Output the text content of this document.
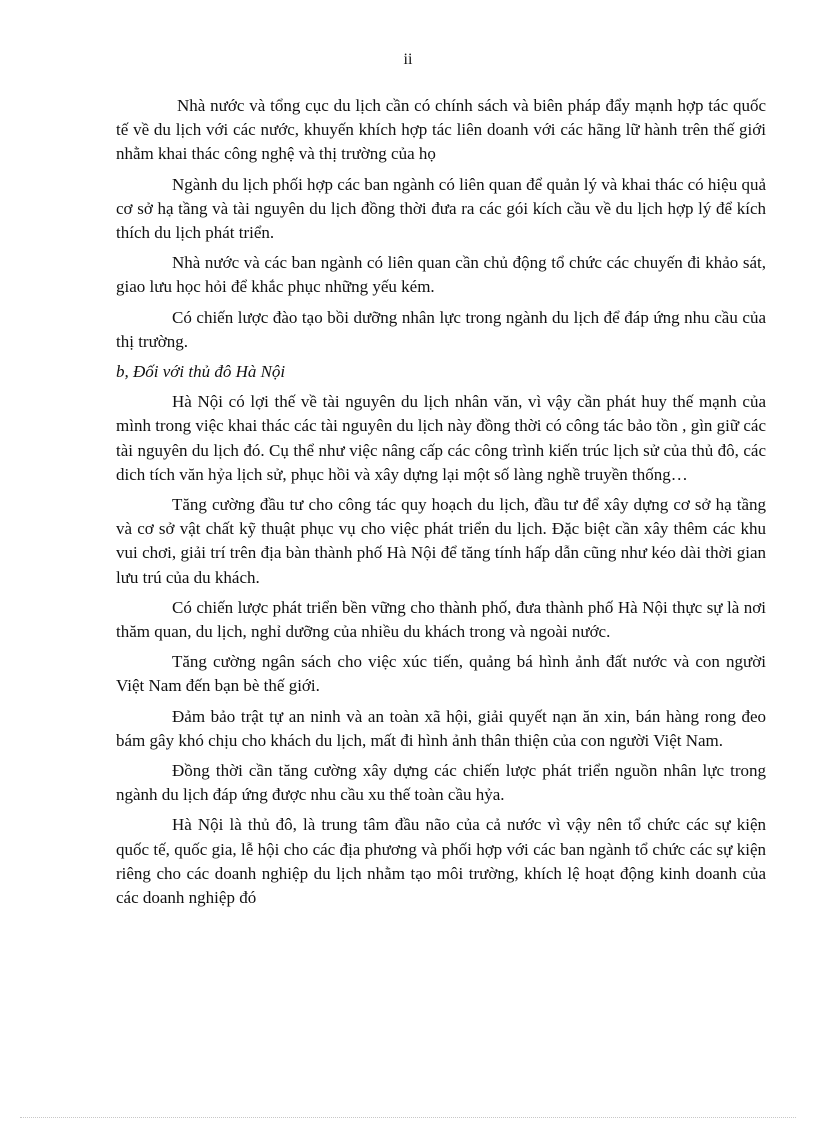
ii

Nhà nước và tổng cục du lịch cần có chính sách và biên pháp đẩy mạnh hợp tác quốc tế về du lịch với các nước, khuyến khích hợp tác liên doanh với các hãng lữ hành trên thế giới nhằm khai thác công nghệ và thị trường của họ

Ngành du lịch phối hợp các ban ngành có liên quan để quản lý và khai thác có hiệu quả cơ sở hạ tầng và tài nguyên du lịch đồng thời đưa ra các gói kích cầu về du lịch hợp lý để kích thích du lịch phát triển.

Nhà nước và các ban ngành có liên quan cần chủ động tổ chức các chuyến đi khảo sát, giao lưu học hỏi để khắc phục những yếu kém.

Có chiến lược đào tạo bồi dưỡng nhân lực trong ngành du lịch để đáp ứng nhu cầu của thị trường.

b, Đối với thủ đô Hà Nội

Hà Nội có lợi thế về tài nguyên du lịch nhân văn, vì vậy cần phát huy thế mạnh của mình trong việc khai thác các tài nguyên du lịch này đồng thời có công tác bảo tồn , gìn giữ các tài nguyên du lịch đó. Cụ thể như việc nâng cấp các công trình kiến trúc lịch sử của thủ đô, các dich tích văn hỷa lịch sử, phục hồi và xây dựng lại một số làng nghề truyền thống…

Tăng cường đầu tư cho công tác quy hoạch du lịch, đầu tư để xây dựng cơ sở hạ tầng và cơ sở vật chất kỹ thuật phục vụ cho việc phát triển du lịch. Đặc biệt cần xây thêm các khu vui chơi, giải trí trên địa bàn thành phố Hà Nội để tăng tính hấp dẫn cũng như kéo dài thời gian lưu trú của du khách.

Có chiến lược phát triển bền vững cho thành phố, đưa thành phố Hà Nội thực sự là nơi thăm quan, du lịch, nghỉ dưỡng của nhiều du khách trong và ngoài nước.

Tăng cường ngân sách cho việc xúc tiến, quảng bá hình ảnh đất nước và con người Việt Nam đến bạn bè thế giới.

Đảm bảo trật tự an ninh và an toàn xã hội, giải quyết nạn ăn xin, bán hàng rong đeo bám gây khó chịu cho khách du lịch, mất đi hình ảnh thân thiện của con người Việt Nam.

Đồng thời cần tăng cường xây dựng các chiến lược phát triển nguồn nhân lực trong ngành du lịch đáp ứng được nhu cầu xu thế toàn cầu hỷa.

Hà Nội là thủ đô, là trung tâm đầu não của cả nước vì vậy nên tổ chức các sự kiện quốc tế, quốc gia, lễ hội cho các địa phương và phối hợp với các ban ngành tổ chức các sự kiện riêng cho các doanh nghiệp du lịch nhằm tạo môi trường, khích lệ hoạt động kinh doanh của các doanh nghiệp đó
